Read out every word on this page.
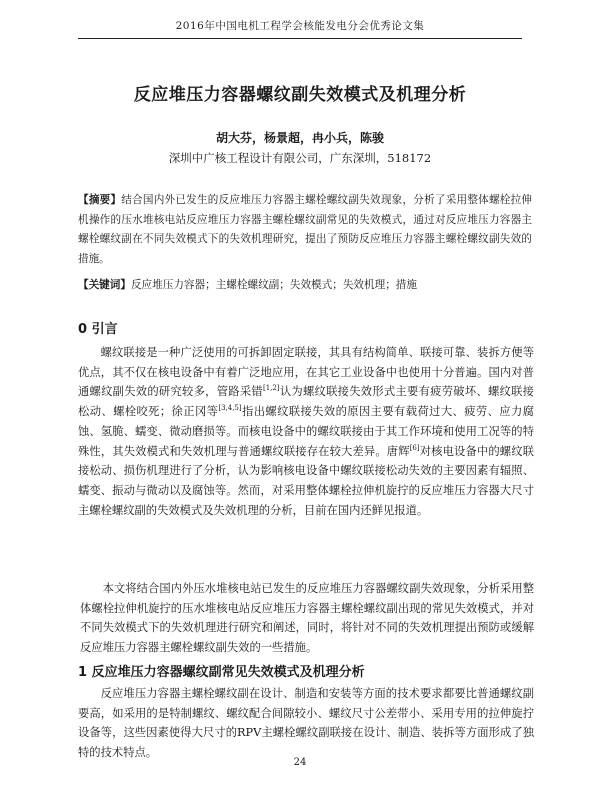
2016年中国电机工程学会核能发电分会优秀论文集
反应堆压力容器螺纹副失效模式及机理分析
胡大芬，杨景超，冉小兵，陈骏
深圳中广核工程设计有限公司，广东深圳，518172
【摘要】结合国内外已发生的反应堆压力容器主螺栓螺纹副失效现象，分析了采用整体螺栓拉伸机操作的压水堆核电站反应堆压力容器主螺栓螺纹副常见的失效模式，通过对反应堆压力容器主螺栓螺纹副在不同失效模式下的失效机理研究，提出了预防反应堆压力容器主螺栓螺纹副失效的措施。
【关键词】反应堆压力容器；主螺栓螺纹副；失效模式；失效机理；措施
0 引言

螺纹联接是一种广泛使用的可拆卸固定联接，其具有结构简单、联接可靠、装拆方便等优点，其不仅在核电设备中有着广泛地应用，在其它工业设备中也使用十分普遍。国内对普通螺纹副失效的研究较多，管路采错[1,2]认为螺纹联接失效形式主要有疲劳破坏、螺纹联接松动、螺栓咬死；徐正冈等[3,4,5]指出螺纹联接失效的原因主要有载荷过大、疲劳、应力腐蚀、氢脆、蠕变、微动磨损等。而核电设备中的螺纹联接由于其工作环境和使用工况等的特殊性，其失效模式和失效机理与普通螺纹联接存在较大差异。唐辉[6]对核电设备中的螺纹联接松动、损伤机理进行了分析，认为影响核电设备中螺纹联接松动失效的主要因素有辐照、蠕变、振动与微动以及腐蚀等。然而，对采用整体螺栓拉伸机旋拧的反应堆压力容器大尺寸主螺栓螺纹副的失效模式及失效机理的分析，目前在国内还鲜见报道。

本文将结合国内外压水堆核电站已发生的反应堆压力容器螺纹副失效现象，分析采用整体螺栓拉伸机旋拧的压水堆核电站反应堆压力容器主螺栓螺纹副出现的常见失效模式，并对不同失效模式下的失效机理进行研究和阐述，同时，将针对不同的失效机理提出预防或缓解反应堆压力容器主螺栓螺纹副失效的一些措施。

1 反应堆压力容器螺纹副常见失效模式及机理分析

反应堆压力容器主螺栓螺纹副在设计、制造和安装等方面的技术要求都要比普通螺纹副要高，如采用的是特制螺纹、螺纹配合间隙较小、螺纹尺寸公差带小、采用专用的拉伸旋拧设备等，这些因素使得大尺寸的RPV主螺栓螺纹副联接在设计、制造、装拆等方面形成了独特的技术特点。

24
